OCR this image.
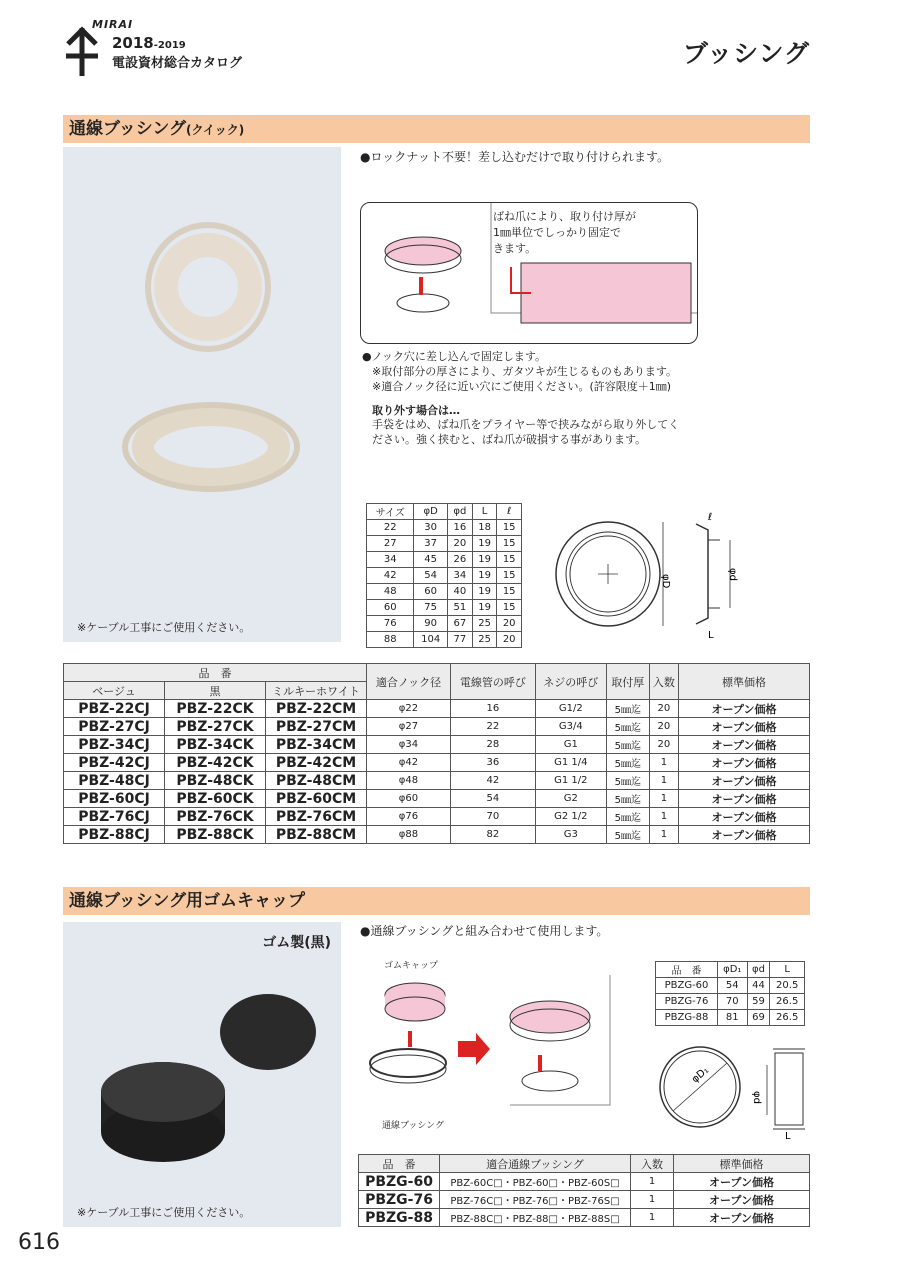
MIRAI
2018-2019
電設資材総合カタログ	ブッシング
通線ブッシング(クイック)
※ケーブル工事にご使用ください。
●ロックナット不要！差し込むだけで取り付けられます。
ばね爪により、取り付け厚が
1㎜単位でしっかり固定で
きます。
●ノック穴に差し込んで固定します。
※取付部分の厚さにより、ガタツキが生じるものもあります。
※適合ノック径に近い穴にご使用ください。(許容限度＋1㎜)
取り外す場合は…
手袋をはめ、ばね爪をプライヤー等で挟みながら取り外してく
ださい。強く挟むと、ばね爪が破損する事があります。
サイズ	φD	φd	L	ℓ
22	30	16	18	15
27	37	20	19	15
34	45	26	19	15
42	54	34	19	15
48	60	40	19	15
60	75	51	19	15
76	90	67	25	20
88	104	77	25	20
φD	φd
ℓ
L
品　番			適合ノック径	電線管の呼び	ネジの呼び	取付厚	入数	標準価格
ベージュ	黒	ミルキーホワイト						
PBZ-22CJ	PBZ-22CK	PBZ-22CM	φ22	16	G1/2	5㎜迄	20	オープン価格
PBZ-27CJ	PBZ-27CK	PBZ-27CM	φ27	22	G3/4	5㎜迄	20	オープン価格
PBZ-34CJ	PBZ-34CK	PBZ-34CM	φ34	28	G1	5㎜迄	20	オープン価格
PBZ-42CJ	PBZ-42CK	PBZ-42CM	φ42	36	G1 1/4	5㎜迄	1	オープン価格
PBZ-48CJ	PBZ-48CK	PBZ-48CM	φ48	42	G1 1/2	5㎜迄	1	オープン価格
PBZ-60CJ	PBZ-60CK	PBZ-60CM	φ60	54	G2	5㎜迄	1	オープン価格
PBZ-76CJ	PBZ-76CK	PBZ-76CM	φ76	70	G2 1/2	5㎜迄	1	オープン価格
PBZ-88CJ	PBZ-88CK	PBZ-88CM	φ88	82	G3	5㎜迄	1	オープン価格
通線ブッシング用ゴムキャップ
ゴム製(黒)
※ケーブル工事にご使用ください。
●通線ブッシングと組み合わせて使用します。
ゴムキャップ
通線ブッシング
品　番	φD₁	φd	L
PBZG-60	54	44	20.5
PBZG-76	70	59	26.5
PBZG-88	81	69	26.5
φD₁
φd
L
品　番	適合通線ブッシング	入数	標準価格
PBZG-60	PBZ-60C□・PBZ-60□・PBZ-60S□	1	オープン価格
PBZG-76	PBZ-76C□・PBZ-76□・PBZ-76S□	1	オープン価格
PBZG-88	PBZ-88C□・PBZ-88□・PBZ-88S□	1	オープン価格
616
